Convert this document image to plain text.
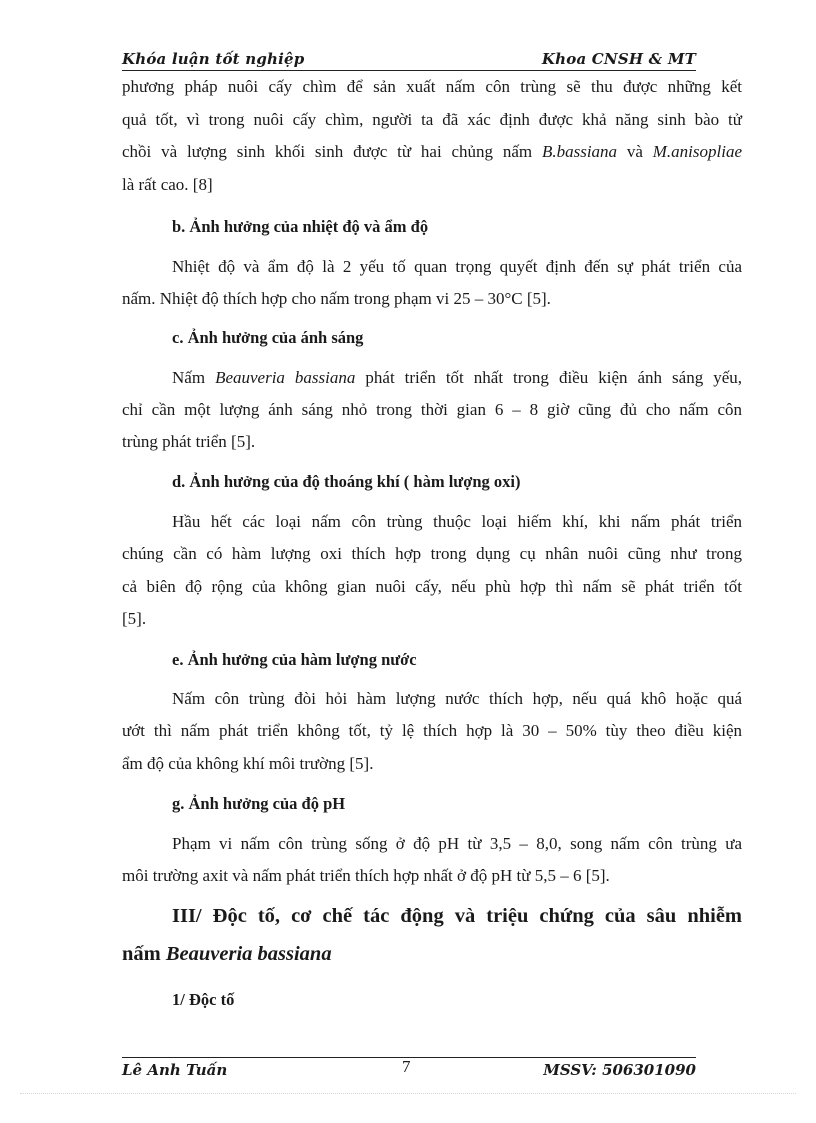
Khóa luận tốt nghiệp	Khoa CNSH & MT
phương pháp nuôi cấy chìm để sản xuất nấm côn trùng sẽ thu được những kết
quả tốt, vì trong nuôi cấy chìm, người ta đã xác định được khả năng sinh bào tử
chồi và lượng sinh khối sinh được từ hai chủng nấm B.bassiana và M.anisopliae
là rất cao. [8]
b. Ảnh hưởng của nhiệt độ và ẩm độ
Nhiệt độ và ẩm độ là 2 yếu tố quan trọng quyết định đến sự phát triển của
nấm. Nhiệt độ thích hợp cho nấm trong phạm vi 25 – 30°C [5].
c. Ảnh hưởng của ánh sáng
Nấm Beauveria bassiana phát triển tốt nhất trong điều kiện ánh sáng yếu,
chỉ cần một lượng ánh sáng nhỏ trong thời gian 6 – 8 giờ cũng đủ cho nấm côn
trùng phát triển [5].
d. Ảnh hưởng của độ thoáng khí ( hàm lượng oxi)
Hầu hết các loại nấm côn trùng thuộc loại hiếm khí, khi nấm phát triển
chúng cần có hàm lượng oxi thích hợp trong dụng cụ nhân nuôi cũng như trong
cả biên độ rộng của không gian nuôi cấy, nếu phù hợp thì nấm sẽ phát triển tốt
[5].
e. Ảnh hưởng của hàm lượng nước
Nấm côn trùng đòi hỏi hàm lượng nước thích hợp, nếu quá khô hoặc quá
ướt thì nấm phát triển không tốt, tỷ lệ thích hợp là 30 – 50% tùy theo điều kiện
ẩm độ của không khí môi trường [5].
g. Ảnh hưởng của độ pH
Phạm vi nấm côn trùng sống ở độ pH từ 3,5 – 8,0, song nấm côn trùng ưa
môi trường axit và nấm phát triển thích hợp nhất ở độ pH từ 5,5 – 6 [5].
III/ Độc tố, cơ chế tác động và triệu chứng của sâu nhiễm
nấm Beauveria bassiana
1/ Độc tố
Lê Anh Tuấn	7	MSSV: 506301090
